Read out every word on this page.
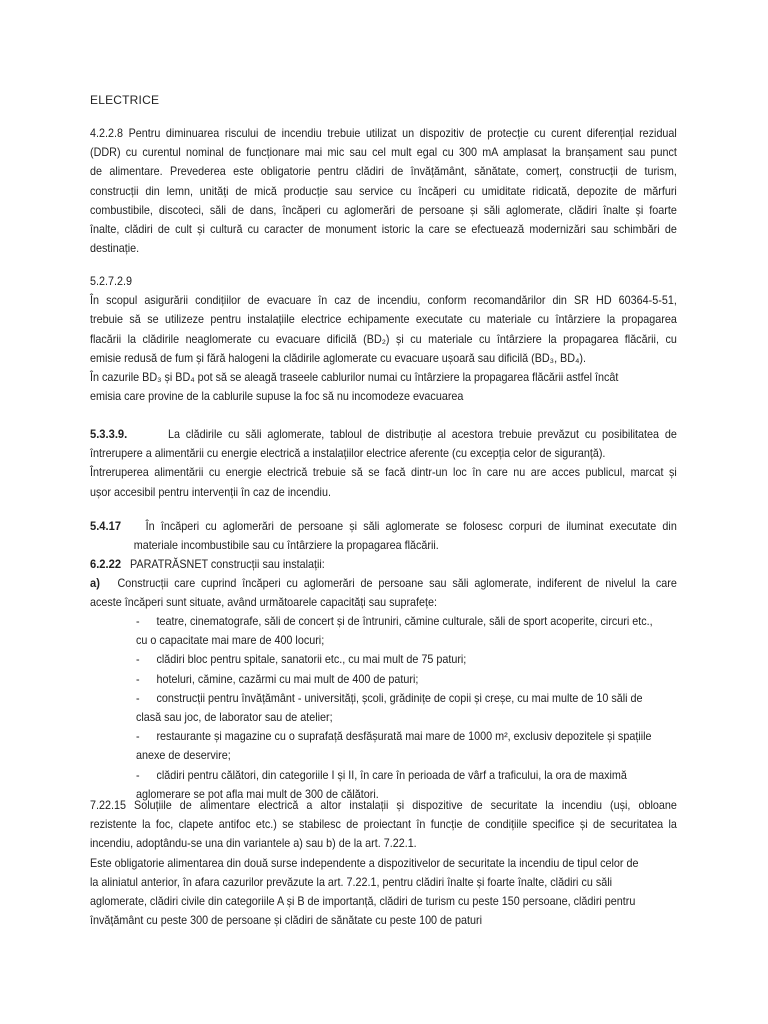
ELECTRICE
4.2.2.8 Pentru diminuarea riscului de incendiu trebuie utilizat un dispozitiv de protecție cu curent diferențial rezidual
(DDR) cu curentul nominal de funcționare mai mic sau cel mult egal cu 300 mA amplasat la branșament sau punct
de alimentare. Prevederea este obligatorie pentru clădiri de învățământ, sănătate, comerț, construcții de turism,
construcții din lemn, unități de mică producție sau service cu încăperi cu umiditate ridicată, depozite de mărfuri
combustibile, discoteci, săli de dans, încăperi cu aglomerări de persoane și săli aglomerate, clădiri înalte și foarte
înalte, clădiri de cult și cultură cu caracter de monument istoric la care se efectuează modernizări sau schimbări de
destinație.
5.2.7.2.9
În scopul asigurării condițiilor de evacuare în caz de incendiu, conform recomandărilor din SR HD 60364-5-51,
trebuie să se utilizeze pentru instalațiile electrice echipamente executate cu materiale cu întârziere la propagarea
flacării la clădirile neaglomerate cu evacuare dificilă (BD₂) și cu materiale cu întârziere la propagarea flăcării, cu
emisie redusă de fum și fără halogeni la clădirile aglomerate cu evacuare ușoară sau dificilă (BD₃, BD₄).
În cazurile BD₃ și BD₄ pot să se aleagă traseele cablurilor numai cu întârziere la propagarea flăcării astfel încât
emisia care provine de la cablurile supuse la foc să nu incomodeze evacuarea
5.3.3.9.	La clădirile cu săli aglomerate, tabloul de distribuție al acestora trebuie prevăzut cu posibilitatea de
întrerupere a alimentării cu energie electrică a instalațiilor electrice aferente (cu excepția celor de siguranță).
Întreruperea alimentării cu energie electrică trebuie să se facă dintr-un loc în care nu are acces publicul, marcat și
ușor accesibil pentru intervenții în caz de incendiu.
5.4.17 În încăperi cu aglomerări de persoane și săli aglomerate se folosesc corpuri de iluminat executate din
materiale incombustibile sau cu întârziere la propagarea flăcării.
6.2.22 PARATRĂSNET construcții sau instalații:
a) Construcții care cuprind încăperi cu aglomerări de persoane sau săli aglomerate, indiferent de nivelul la care
aceste încăperi sunt situate, având următoarele capacități sau suprafețe:
- teatre, cinematografe, săli de concert și de întruniri, cămine culturale, săli de sport acoperite, circuri etc.,
cu o capacitate mai mare de 400 locuri;
- clădiri bloc pentru spitale, sanatorii etc., cu mai mult de 75 paturi;
- hoteluri, cămine, cazărmi cu mai mult de 400 de paturi;
- construcții pentru învățământ - universități, școli, grădinițe de copii și creșe, cu mai multe de 10 săli de
clasă sau joc, de laborator sau de atelier;
- restaurante și magazine cu o suprafață desfășurată mai mare de 1000 m², exclusiv depozitele și spațiile
anexe de deservire;
- clădiri pentru călători, din categoriile I și II, în care în perioada de vârf a traficului, la ora de maximă
aglomerare se pot afla mai mult de 300 de călători.
7.22.15 Soluțiile de alimentare electrică a altor instalații și dispozitive de securitate la incendiu (uși, obloane
rezistente la foc, clapete antifoc etc.) se stabilesc de proiectant în funcție de condițiile specifice și de securitatea la
incendiu, adoptându-se una din variantele a) sau b) de la art. 7.22.1.
Este obligatorie alimentarea din două surse independente a dispozitivelor de securitate la incendiu de tipul celor de
la aliniatul anterior, în afara cazurilor prevăzute la art. 7.22.1, pentru clădiri înalte și foarte înalte, clădiri cu săli
aglomerate, clădiri civile din categoriile A și B de importanță, clădiri de turism cu peste 150 persoane, clădiri pentru
învățământ cu peste 300 de persoane și clădiri de sănătate cu peste 100 de paturi
